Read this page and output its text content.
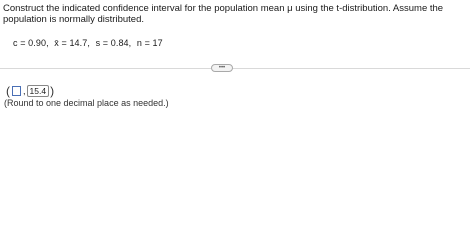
Construct the indicated confidence interval for the population mean μ using the t-distribution. Assume the population is normally distributed.
c = 0.90, x̄ = 14.7, s = 0.84, n = 17
•••
( , 15.4 )
(Round to one decimal place as needed.)
